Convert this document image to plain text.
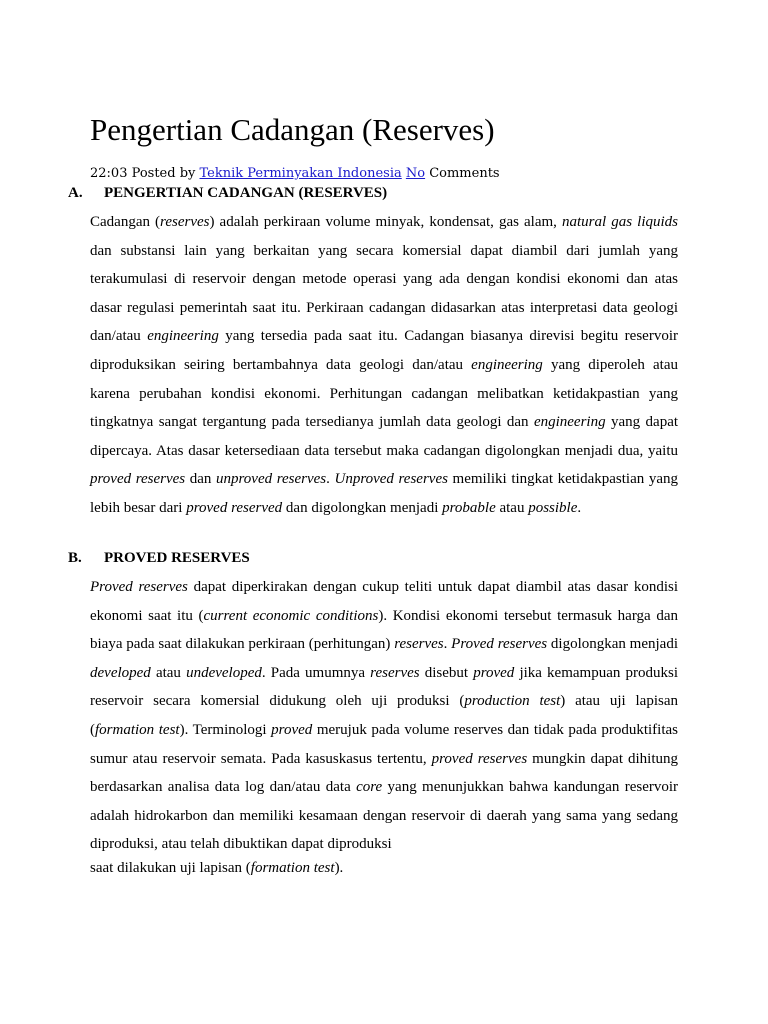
Pengertian Cadangan (Reserves)
22:03 Posted by Teknik Perminyakan Indonesia No Comments
A. PENGERTIAN CADANGAN (RESERVES)

Cadangan (reserves) adalah perkiraan volume minyak, kondensat, gas alam, natural gas liquids dan substansi lain yang berkaitan yang secara komersial dapat diambil dari jumlah yang terakumulasi di reservoir dengan metode operasi yang ada dengan kondisi ekonomi dan atas dasar regulasi pemerintah saat itu. Perkiraan cadangan didasarkan atas interpretasi data geologi dan/atau engineering yang tersedia pada saat itu. Cadangan biasanya direvisi begitu reservoir diproduksikan seiring bertambahnya data geologi dan/atau engineering yang diperoleh atau karena perubahan kondisi ekonomi. Perhitungan cadangan melibatkan ketidakpastian yang tingkatnya sangat tergantung pada tersedianya jumlah data geologi dan engineering yang dapat dipercaya. Atas dasar ketersediaan data tersebut maka cadangan digolongkan menjadi dua, yaitu proved reserves dan unproved reserves. Unproved reserves memiliki tingkat ketidakpastian yang lebih besar dari proved reserved dan digolongkan menjadi probable atau possible.

B. PROVED RESERVES

Proved reserves dapat diperkirakan dengan cukup teliti untuk dapat diambil atas dasar kondisi ekonomi saat itu (current economic conditions). Kondisi ekonomi tersebut termasuk harga dan biaya pada saat dilakukan perkiraan (perhitungan) reserves. Proved reserves digolongkan menjadi developed atau undeveloped. Pada umumnya reserves disebut proved jika kemampuan produksi reservoir secara komersial didukung oleh uji produksi (production test) atau uji lapisan (formation test). Terminologi proved merujuk pada volume reserves dan tidak pada produktifitas sumur atau reservoir semata. Pada kasuskasus tertentu, proved reserves mungkin dapat dihitung berdasarkan analisa data log dan/atau data core yang menunjukkan bahwa kandungan reservoir adalah hidrokarbon dan memiliki kesamaan dengan reservoir di daerah yang sama yang sedang diproduksi, atau telah dibuktikan dapat diproduksi

saat dilakukan uji lapisan (formation test).
